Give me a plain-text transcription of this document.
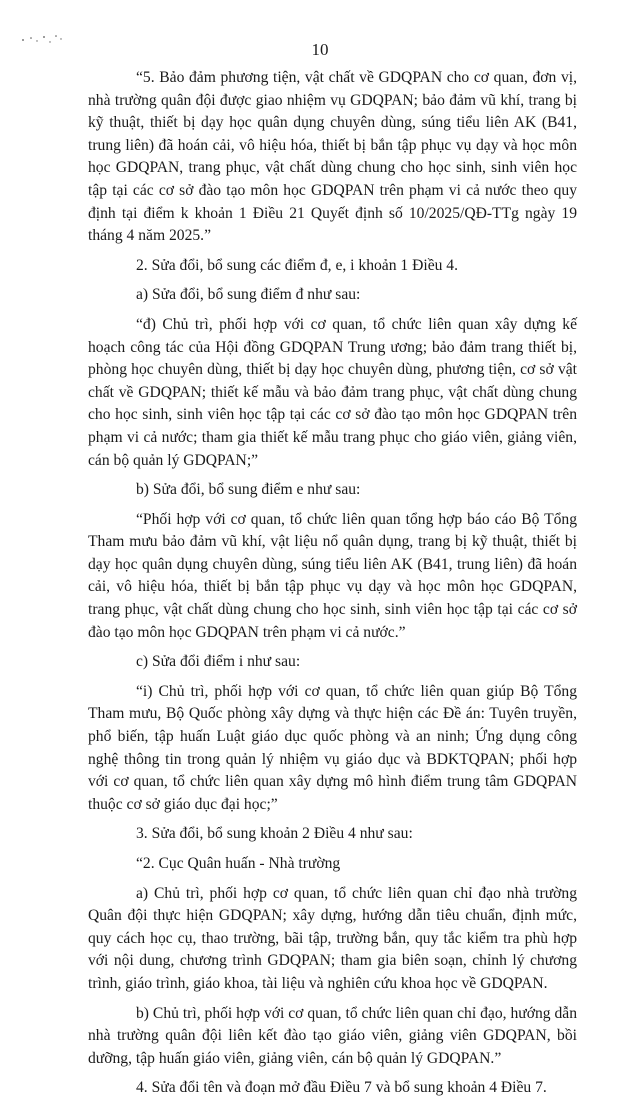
10

“5. Bảo đảm phương tiện, vật chất về GDQPAN cho cơ quan, đơn vị, nhà trường quân đội được giao nhiệm vụ GDQPAN; bảo đảm vũ khí, trang bị kỹ thuật, thiết bị dạy học quân dụng chuyên dùng, súng tiểu liên AK (B41, trung liên) đã hoán cải, vô hiệu hóa, thiết bị bắn tập phục vụ dạy và học môn học GDQPAN, trang phục, vật chất dùng chung cho học sinh, sinh viên học tập tại các cơ sở đào tạo môn học GDQPAN trên phạm vi cả nước theo quy định tại điểm k khoản 1 Điều 21 Quyết định số 10/2025/QĐ-TTg ngày 19 tháng 4 năm 2025.”

2. Sửa đổi, bổ sung các điểm đ, e, i khoản 1 Điều 4.

a) Sửa đổi, bổ sung điểm đ như sau:

“đ) Chủ trì, phối hợp với cơ quan, tổ chức liên quan xây dựng kế hoạch công tác của Hội đồng GDQPAN Trung ương; bảo đảm trang thiết bị, phòng học chuyên dùng, thiết bị dạy học chuyên dùng, phương tiện, cơ sở vật chất về GDQPAN; thiết kế mẫu và bảo đảm trang phục, vật chất dùng chung cho học sinh, sinh viên học tập tại các cơ sở đào tạo môn học GDQPAN trên phạm vi cả nước; tham gia thiết kế mẫu trang phục cho giáo viên, giảng viên, cán bộ quản lý GDQPAN;”

b) Sửa đổi, bổ sung điểm e như sau:

“Phối hợp với cơ quan, tổ chức liên quan tổng hợp báo cáo Bộ Tổng Tham mưu bảo đảm vũ khí, vật liệu nổ quân dụng, trang bị kỹ thuật, thiết bị dạy học quân dụng chuyên dùng, súng tiểu liên AK (B41, trung liên) đã hoán cải, vô hiệu hóa, thiết bị bắn tập phục vụ dạy và học môn học GDQPAN, trang phục, vật chất dùng chung cho học sinh, sinh viên học tập tại các cơ sở đào tạo môn học GDQPAN trên phạm vi cả nước.”

c) Sửa đổi điểm i như sau:

“i) Chủ trì, phối hợp với cơ quan, tổ chức liên quan giúp Bộ Tổng Tham mưu, Bộ Quốc phòng xây dựng và thực hiện các Đề án: Tuyên truyền, phổ biến, tập huấn Luật giáo dục quốc phòng và an ninh; Ứng dụng công nghệ thông tin trong quản lý nhiệm vụ giáo dục và BDKTQPAN; phối hợp với cơ quan, tổ chức liên quan xây dựng mô hình điểm trung tâm GDQPAN thuộc cơ sở giáo dục đại học;”

3. Sửa đổi, bổ sung khoản 2 Điều 4 như sau:

“2. Cục Quân huấn - Nhà trường

a) Chủ trì, phối hợp cơ quan, tổ chức liên quan chỉ đạo nhà trường Quân đội thực hiện GDQPAN; xây dựng, hướng dẫn tiêu chuẩn, định mức, quy cách học cụ, thao trường, bãi tập, trường bắn, quy tắc kiểm tra phù hợp với nội dung, chương trình GDQPAN; tham gia biên soạn, chỉnh lý chương trình, giáo trình, giáo khoa, tài liệu và nghiên cứu khoa học về GDQPAN.

b) Chủ trì, phối hợp với cơ quan, tổ chức liên quan chỉ đạo, hướng dẫn nhà trường quân đội liên kết đào tạo giáo viên, giảng viên GDQPAN, bồi dưỡng, tập huấn giáo viên, giảng viên, cán bộ quản lý GDQPAN.”

4. Sửa đổi tên và đoạn mở đầu Điều 7 và bổ sung khoản 4 Điều 7.
